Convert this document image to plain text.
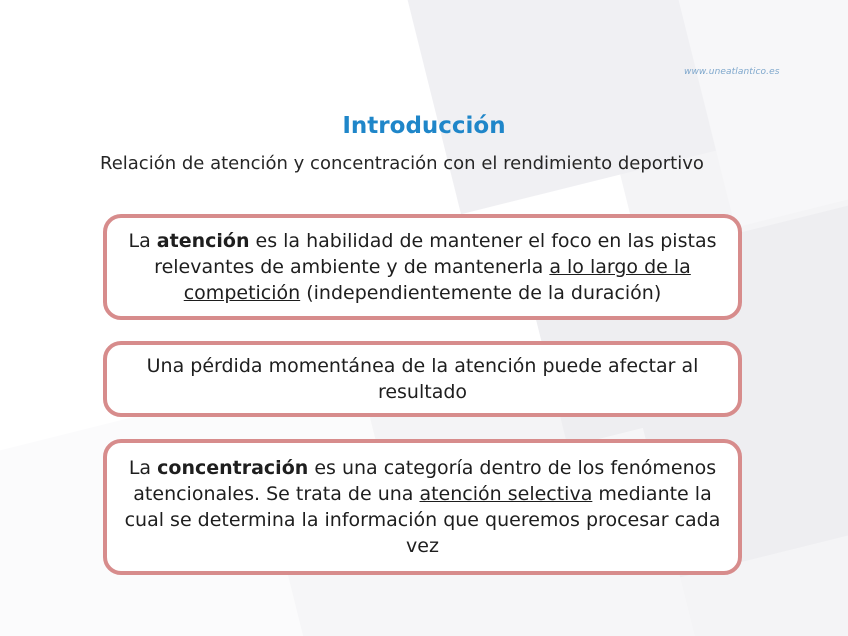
www.uneatlantico.es
Introducción
Relación de atención y concentración con el rendimiento deportivo

La atención es la habilidad de mantener el foco en las pistas relevantes de ambiente y de mantenerla a lo largo de la competición (independientemente de la duración)

Una pérdida momentánea de la atención puede afectar al resultado

La concentración es una categoría dentro de los fenómenos atencionales. Se trata de una atención selectiva mediante la cual se determina la información que queremos procesar cada vez
